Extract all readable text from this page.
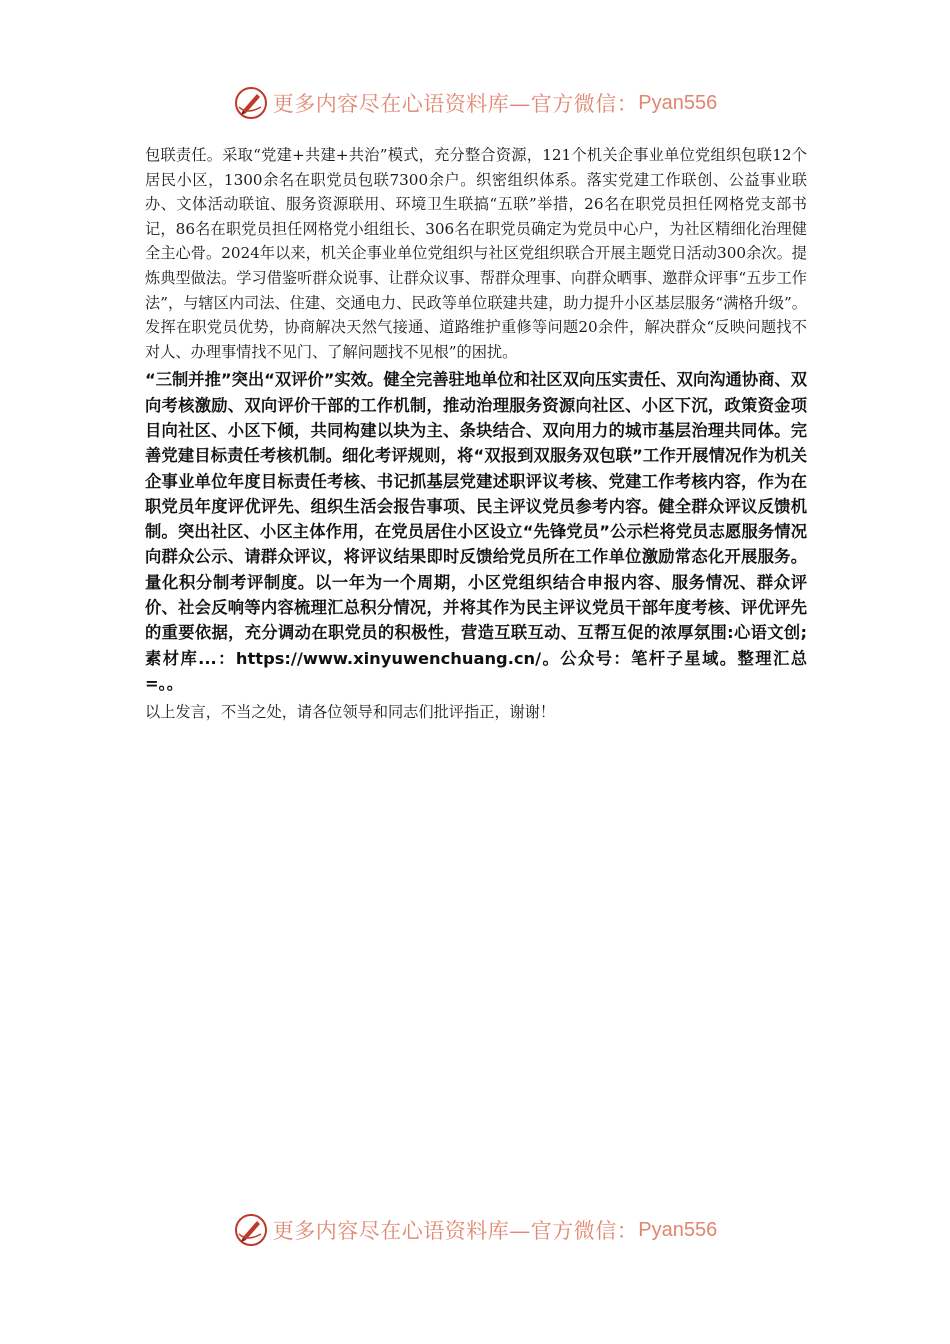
更多内容尽在心语资料库—官方微信： Pyan556

包联责任。采取“党建+共建+共治”模式，充分整合资源，121个机关企事业单位党组织包联12个居民小区，1300余名在职党员包联7300余户。织密组织体系。落实党建工作联创、公益事业联办、文体活动联谊、服务资源联用、环境卫生联搞“五联”举措，26名在职党员担任网格党支部书记，86名在职党员担任网格党小组组长、306名在职党员确定为党员中心户，为社区精细化治理健全主心骨。2024年以来，机关企事业单位党组织与社区党组织联合开展主题党日活动300余次。提炼典型做法。学习借鉴听群众说事、让群众议事、帮群众理事、向群众晒事、邀群众评事“五步工作法”，与辖区内司法、住建、交通电力、民政等单位联建共建，助力提升小区基层服务“满格升级”。发挥在职党员优势，协商解决天然气接通、道路维护重修等问题20余件，解决群众“反映问题找不对人、办理事情找不见门、了解问题找不见根”的困扰。

“三制并推”突出“双评价”实效。健全完善驻地单位和社区双向压实责任、双向沟通协商、双向考核激励、双向评价干部的工作机制，推动治理服务资源向社区、小区下沉，政策资金项目向社区、小区下倾，共同构建以块为主、条块结合、双向用力的城市基层治理共同体。完善党建目标责任考核机制。细化考评规则，将“双报到双服务双包联”工作开展情况作为机关企事业单位年度目标责任考核、书记抓基层党建述职评议考核、党建工作考核内容，作为在职党员年度评优评先、组织生活会报告事项、民主评议党员参考内容。健全群众评议反馈机制。突出社区、小区主体作用，在党员居住小区设立“先锋党员”公示栏将党员志愿服务情况向群众公示、请群众评议，将评议结果即时反馈给党员所在工作单位激励常态化开展服务。量化积分制考评制度。以一年为一个周期，小区党组织结合申报内容、服务情况、群众评价、社会反响等内容梳理汇总积分情况，并将其作为民主评议党员干部年度考核、评优评先的重要依据，充分调动在职党员的积极性，营造互联互动、互帮互促的浓厚氛围:心语文创;素材库...：https://www.xinyuwenchuang.cn/。公众号：笔杆子星域。整理汇总=。。

以上发言，不当之处，请各位领导和同志们批评指正，谢谢！

更多内容尽在心语资料库—官方微信： Pyan556
